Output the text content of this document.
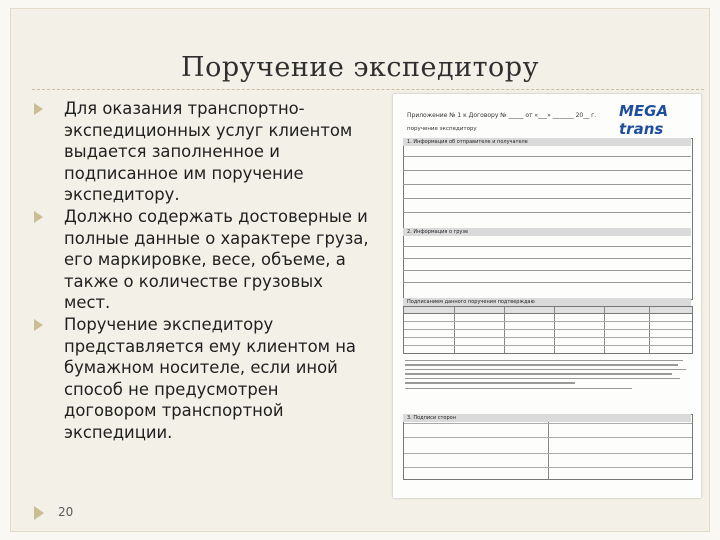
Поручение экспедитору
Для оказания транспортно-экспедиционных услуг клиентом выдается заполненное и подписанное им поручение экспедитору.
Должно содержать достоверные и полные данные о характере груза, его маркировке, весе, объеме, а также о количестве грузовых мест.
Поручение экспедитору представляется ему клиентом на бумажном носителе, если иной способ не предусмотрен договором транспортной экспедиции.
MEGA trans
Приложение № 1 к Договору № _____ от «___» _______ 20__ г.
поручение экспедитору
1. Информация об отправителе и получателе
2. Информация о грузе
Подписанием данного поручения подтверждаю
3. Подписи сторон
20
